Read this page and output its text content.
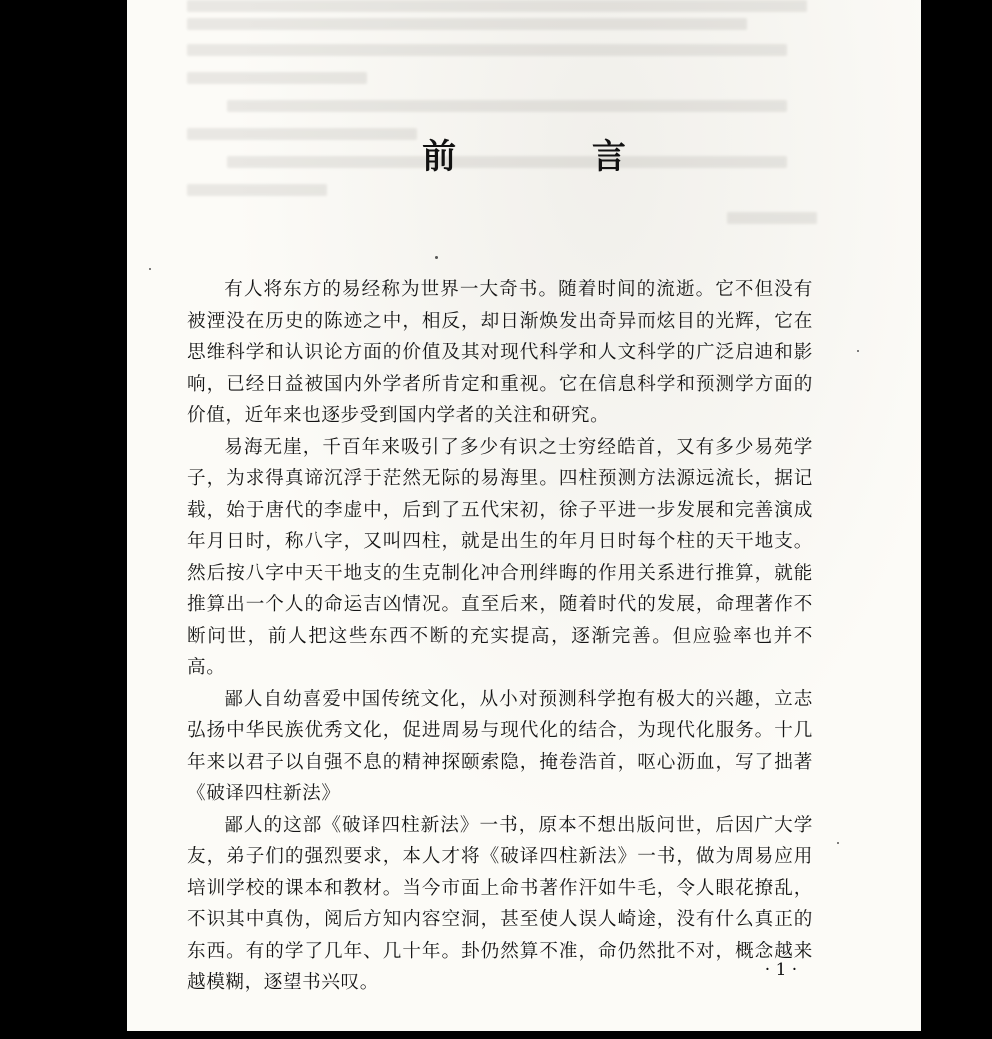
前 言

有人将东方的易经称为世界一大奇书。随着时间的流逝。它不但没有被湮没在历史的陈迹之中，相反，却日渐焕发出奇异而炫目的光辉，它在思维科学和认识论方面的价值及其对现代科学和人文科学的广泛启迪和影响，已经日益被国内外学者所肯定和重视。它在信息科学和预测学方面的价值，近年来也逐步受到国内学者的关注和研究。

易海无崖，千百年来吸引了多少有识之士穷经皓首，又有多少易苑学子，为求得真谛沉浮于茫然无际的易海里。四柱预测方法源远流长，据记载，始于唐代的李虚中，后到了五代宋初，徐子平进一步发展和完善演成年月日时，称八字，又叫四柱，就是出生的年月日时每个柱的天干地支。然后按八字中天干地支的生克制化冲合刑绊晦的作用关系进行推算，就能推算出一个人的命运吉凶情况。直至后来，随着时代的发展，命理著作不断问世，前人把这些东西不断的充实提高，逐渐完善。但应验率也并不高。

鄙人自幼喜爱中国传统文化，从小对预测科学抱有极大的兴趣，立志弘扬中华民族优秀文化，促进周易与现代化的结合，为现代化服务。十几年来以君子以自强不息的精神探颐索隐，掩卷浩首，呕心沥血，写了拙著《破译四柱新法》

鄙人的这部《破译四柱新法》一书，原本不想出版问世，后因广大学友，弟子们的强烈要求，本人才将《破译四柱新法》一书，做为周易应用培训学校的课本和教材。当今市面上命书著作汗如牛毛，令人眼花撩乱，不识其中真伪，阅后方知内容空洞，甚至使人误人崎途，没有什么真正的东西。有的学了几年、几十年。卦仍然算不准，命仍然批不对，概念越来越模糊，逐望书兴叹。

· 1 ·
